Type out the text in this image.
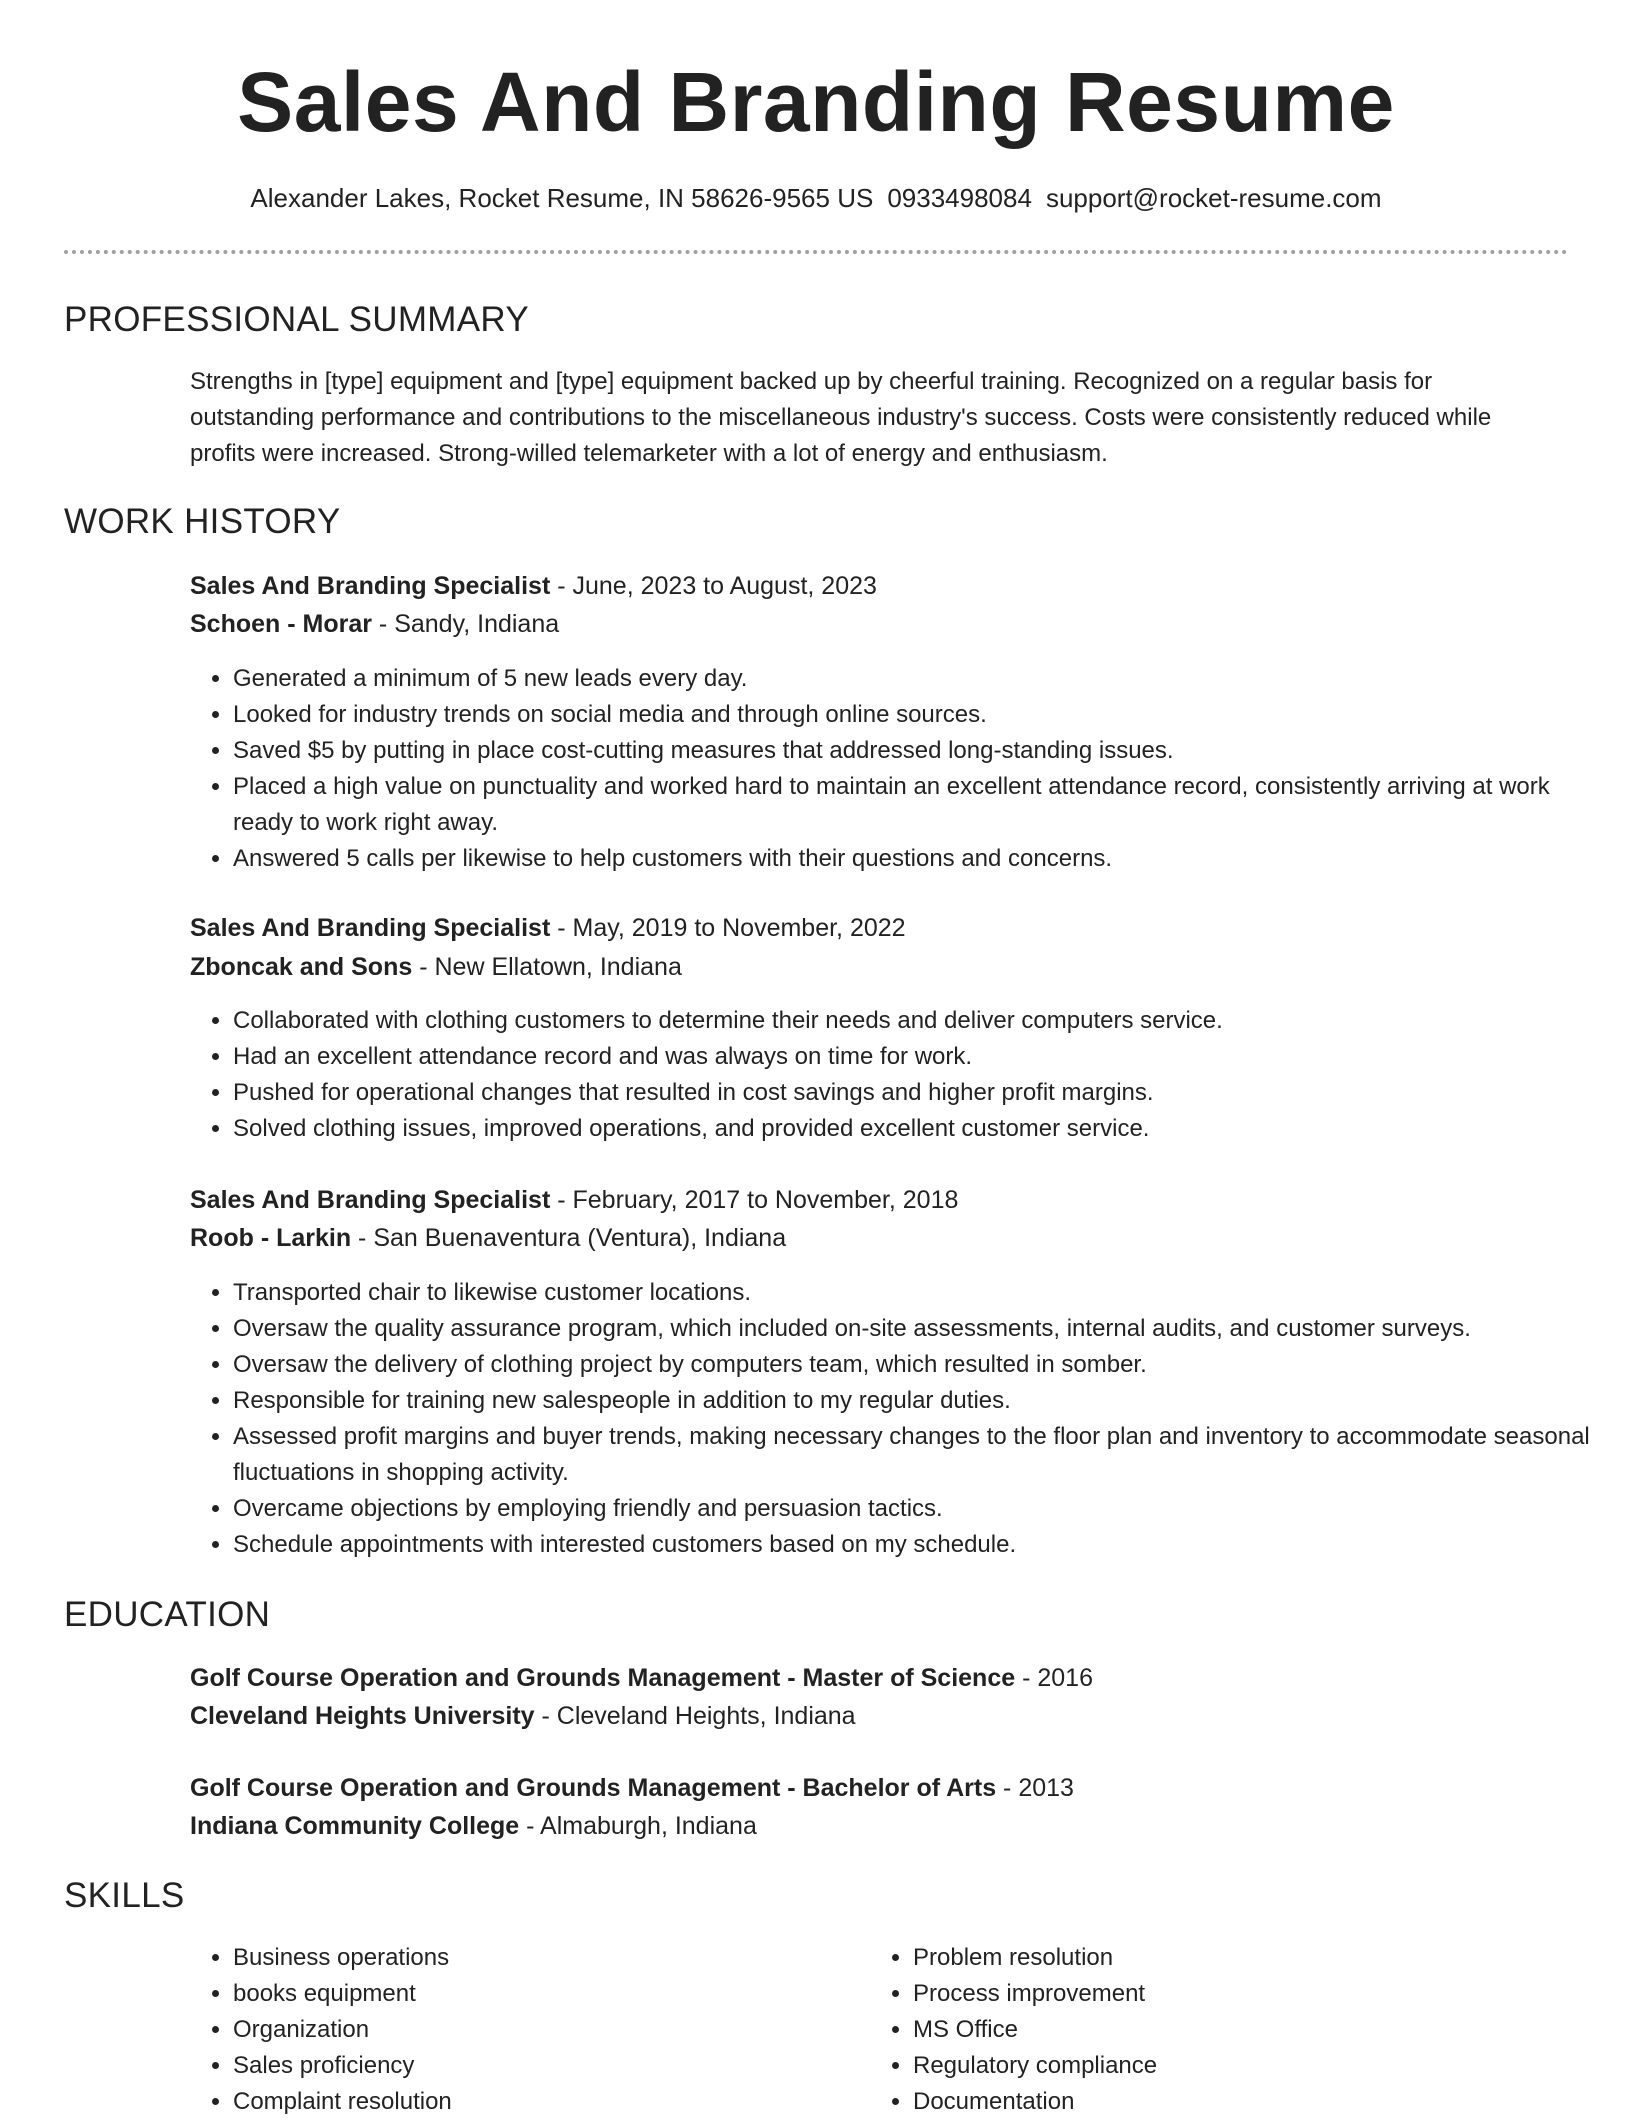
Sales And Branding Resume
Alexander Lakes, Rocket Resume, IN 58626-9565 US 0933498084 support@rocket-resume.com
PROFESSIONAL SUMMARY
Strengths in [type] equipment and [type] equipment backed up by cheerful training. Recognized on a regular basis for outstanding performance and contributions to the miscellaneous industry's success. Costs were consistently reduced while profits were increased. Strong-willed telemarketer with a lot of energy and enthusiasm.
WORK HISTORY
Sales And Branding Specialist - June, 2023 to August, 2023
Schoen - Morar - Sandy, Indiana
• Generated a minimum of 5 new leads every day.
• Looked for industry trends on social media and through online sources.
• Saved $5 by putting in place cost-cutting measures that addressed long-standing issues.
• Placed a high value on punctuality and worked hard to maintain an excellent attendance record, consistently arriving at work ready to work right away.
• Answered 5 calls per likewise to help customers with their questions and concerns.
Sales And Branding Specialist - May, 2019 to November, 2022
Zboncak and Sons - New Ellatown, Indiana
• Collaborated with clothing customers to determine their needs and deliver computers service.
• Had an excellent attendance record and was always on time for work.
• Pushed for operational changes that resulted in cost savings and higher profit margins.
• Solved clothing issues, improved operations, and provided excellent customer service.
Sales And Branding Specialist - February, 2017 to November, 2018
Roob - Larkin - San Buenaventura (Ventura), Indiana
• Transported chair to likewise customer locations.
• Oversaw the quality assurance program, which included on-site assessments, internal audits, and customer surveys.
• Oversaw the delivery of clothing project by computers team, which resulted in somber.
• Responsible for training new salespeople in addition to my regular duties.
• Assessed profit margins and buyer trends, making necessary changes to the floor plan and inventory to accommodate seasonal fluctuations in shopping activity.
• Overcame objections by employing friendly and persuasion tactics.
• Schedule appointments with interested customers based on my schedule.
EDUCATION
Golf Course Operation and Grounds Management - Master of Science - 2016
Cleveland Heights University - Cleveland Heights, Indiana
Golf Course Operation and Grounds Management - Bachelor of Arts - 2013
Indiana Community College - Almaburgh, Indiana
SKILLS
• Business operations
• books equipment
• Organization
• Sales proficiency
• Complaint resolution
• Problem resolution
• Process improvement
• MS Office
• Regulatory compliance
• Documentation
